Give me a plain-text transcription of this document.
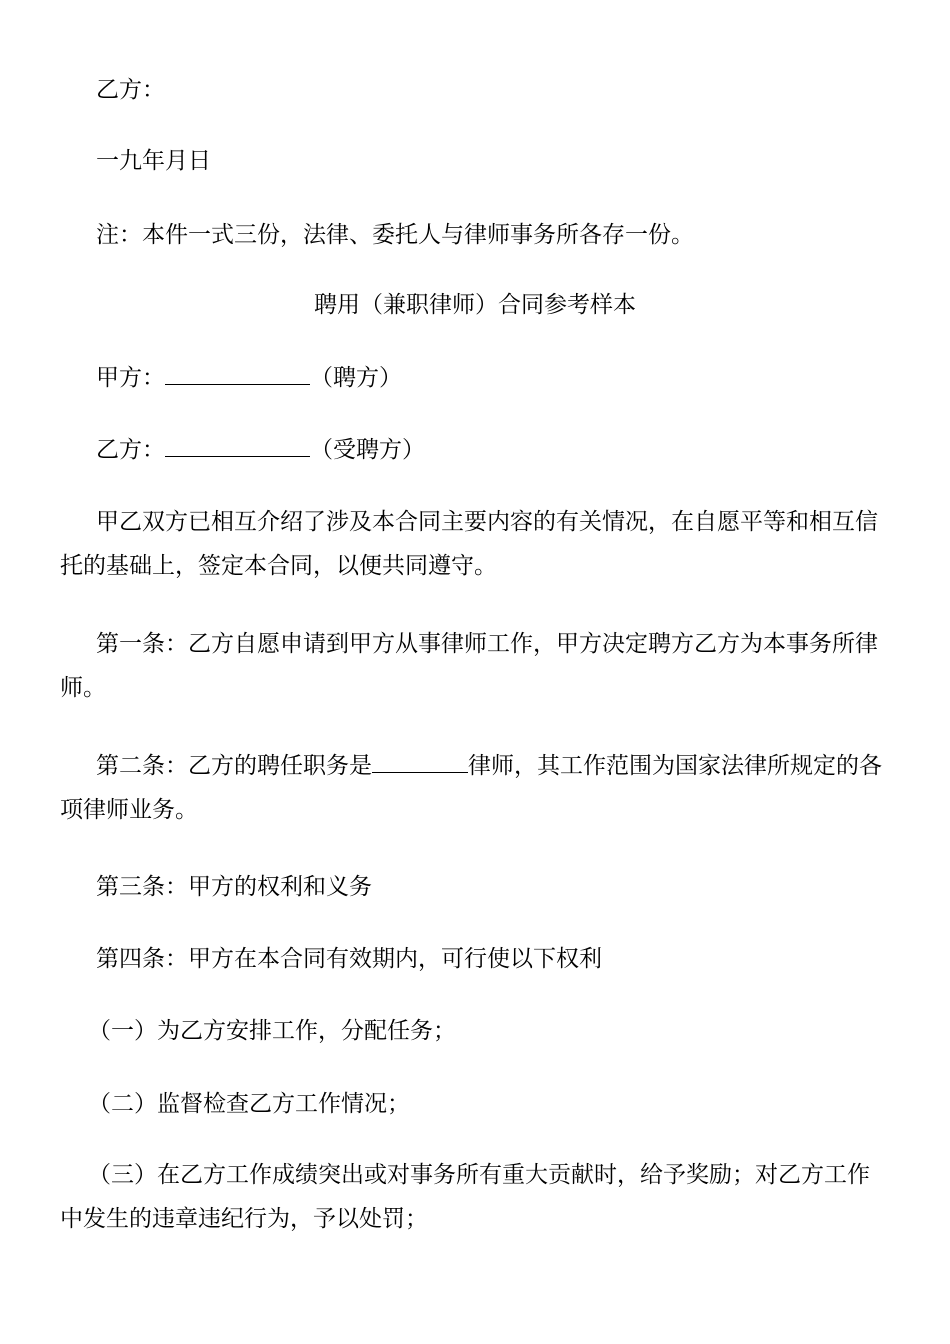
乙方：
一九年月日
注：本件一式三份，法律、委托人与律师事务所各存一份。
聘用（兼职律师）合同参考样本
甲方：	（聘方）
乙方：	（受聘方）
甲乙双方已相互介绍了涉及本合同主要内容的有关情况，在自愿平等和相互信托的基础上，签定本合同，以便共同遵守。
第一条：乙方自愿申请到甲方从事律师工作，甲方决定聘方乙方为本事务所律师。
第二条：乙方的聘任职务是	律师，其工作范围为国家法律所规定的各项律师业务。
第三条：甲方的权利和义务
第四条：甲方在本合同有效期内，可行使以下权利
（一）为乙方安排工作，分配任务；
（二）监督检查乙方工作情况；
（三）在乙方工作成绩突出或对事务所有重大贡献时，给予奖励；对乙方工作中发生的违章违纪行为，予以处罚；
